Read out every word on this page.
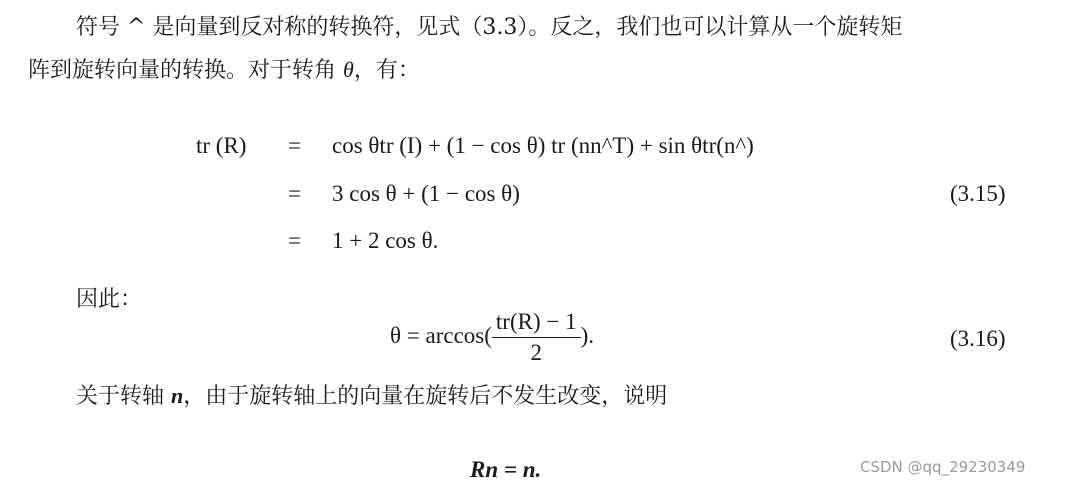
符号 ^ 是向量到反对称的转换符，见式（3.3）。反之，我们也可以计算从一个旋转矩
阵到旋转向量的转换。对于转角 θ，有：
tr (R) = cos θtr (I) + (1 − cos θ) tr (nn^T) + sin θtr(n^)
= 3 cos θ + (1 − cos θ)
= 1 + 2 cos θ.
(3.15)
因此：
$\theta = \arccos( \frac{tr(R) - 1}{2}$ ).	(3.16)
关于转轴 n，由于旋转轴上的向量在旋转后不发生改变，说明
Rn = n.	CSDN @qq_29230349
